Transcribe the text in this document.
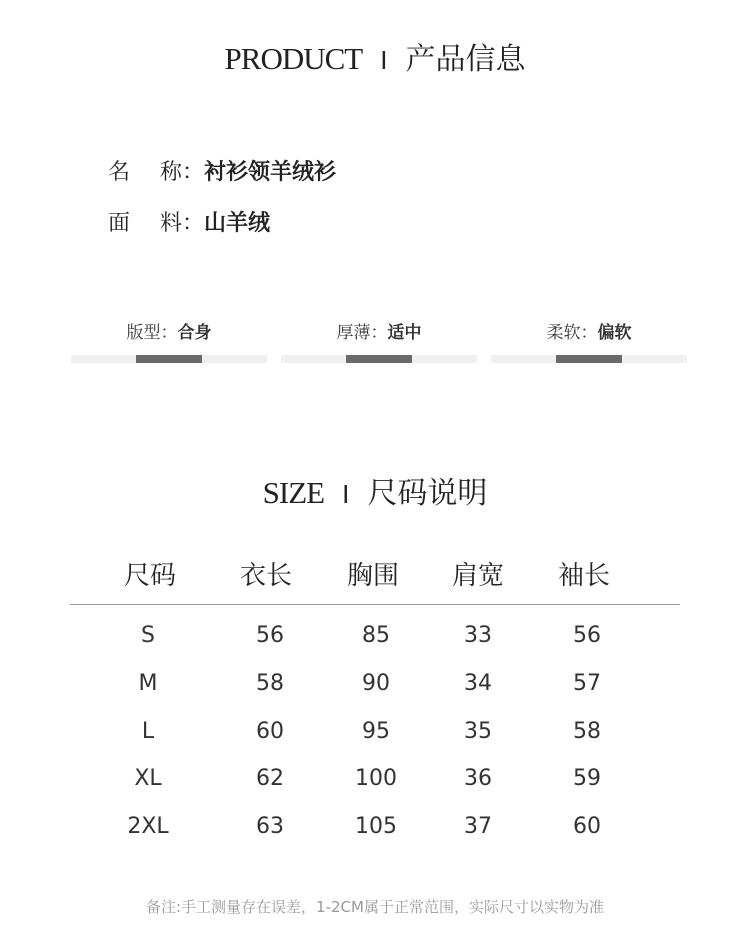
PRODUCT I 产品信息
名 称：衬衫领羊绒衫
面 料：山羊绒
版型：合身	厚薄：适中	柔软：偏软
SIZE I 尺码说明
尺码	衣长	胸围	肩宽	袖长
S	56	85	33	56
M	58	90	34	57
L	60	95	35	58
XL	62	100	36	59
2XL	63	105	37	60
备注:手工测量存在误差，1-2CM属于正常范围，实际尺寸以实物为准
